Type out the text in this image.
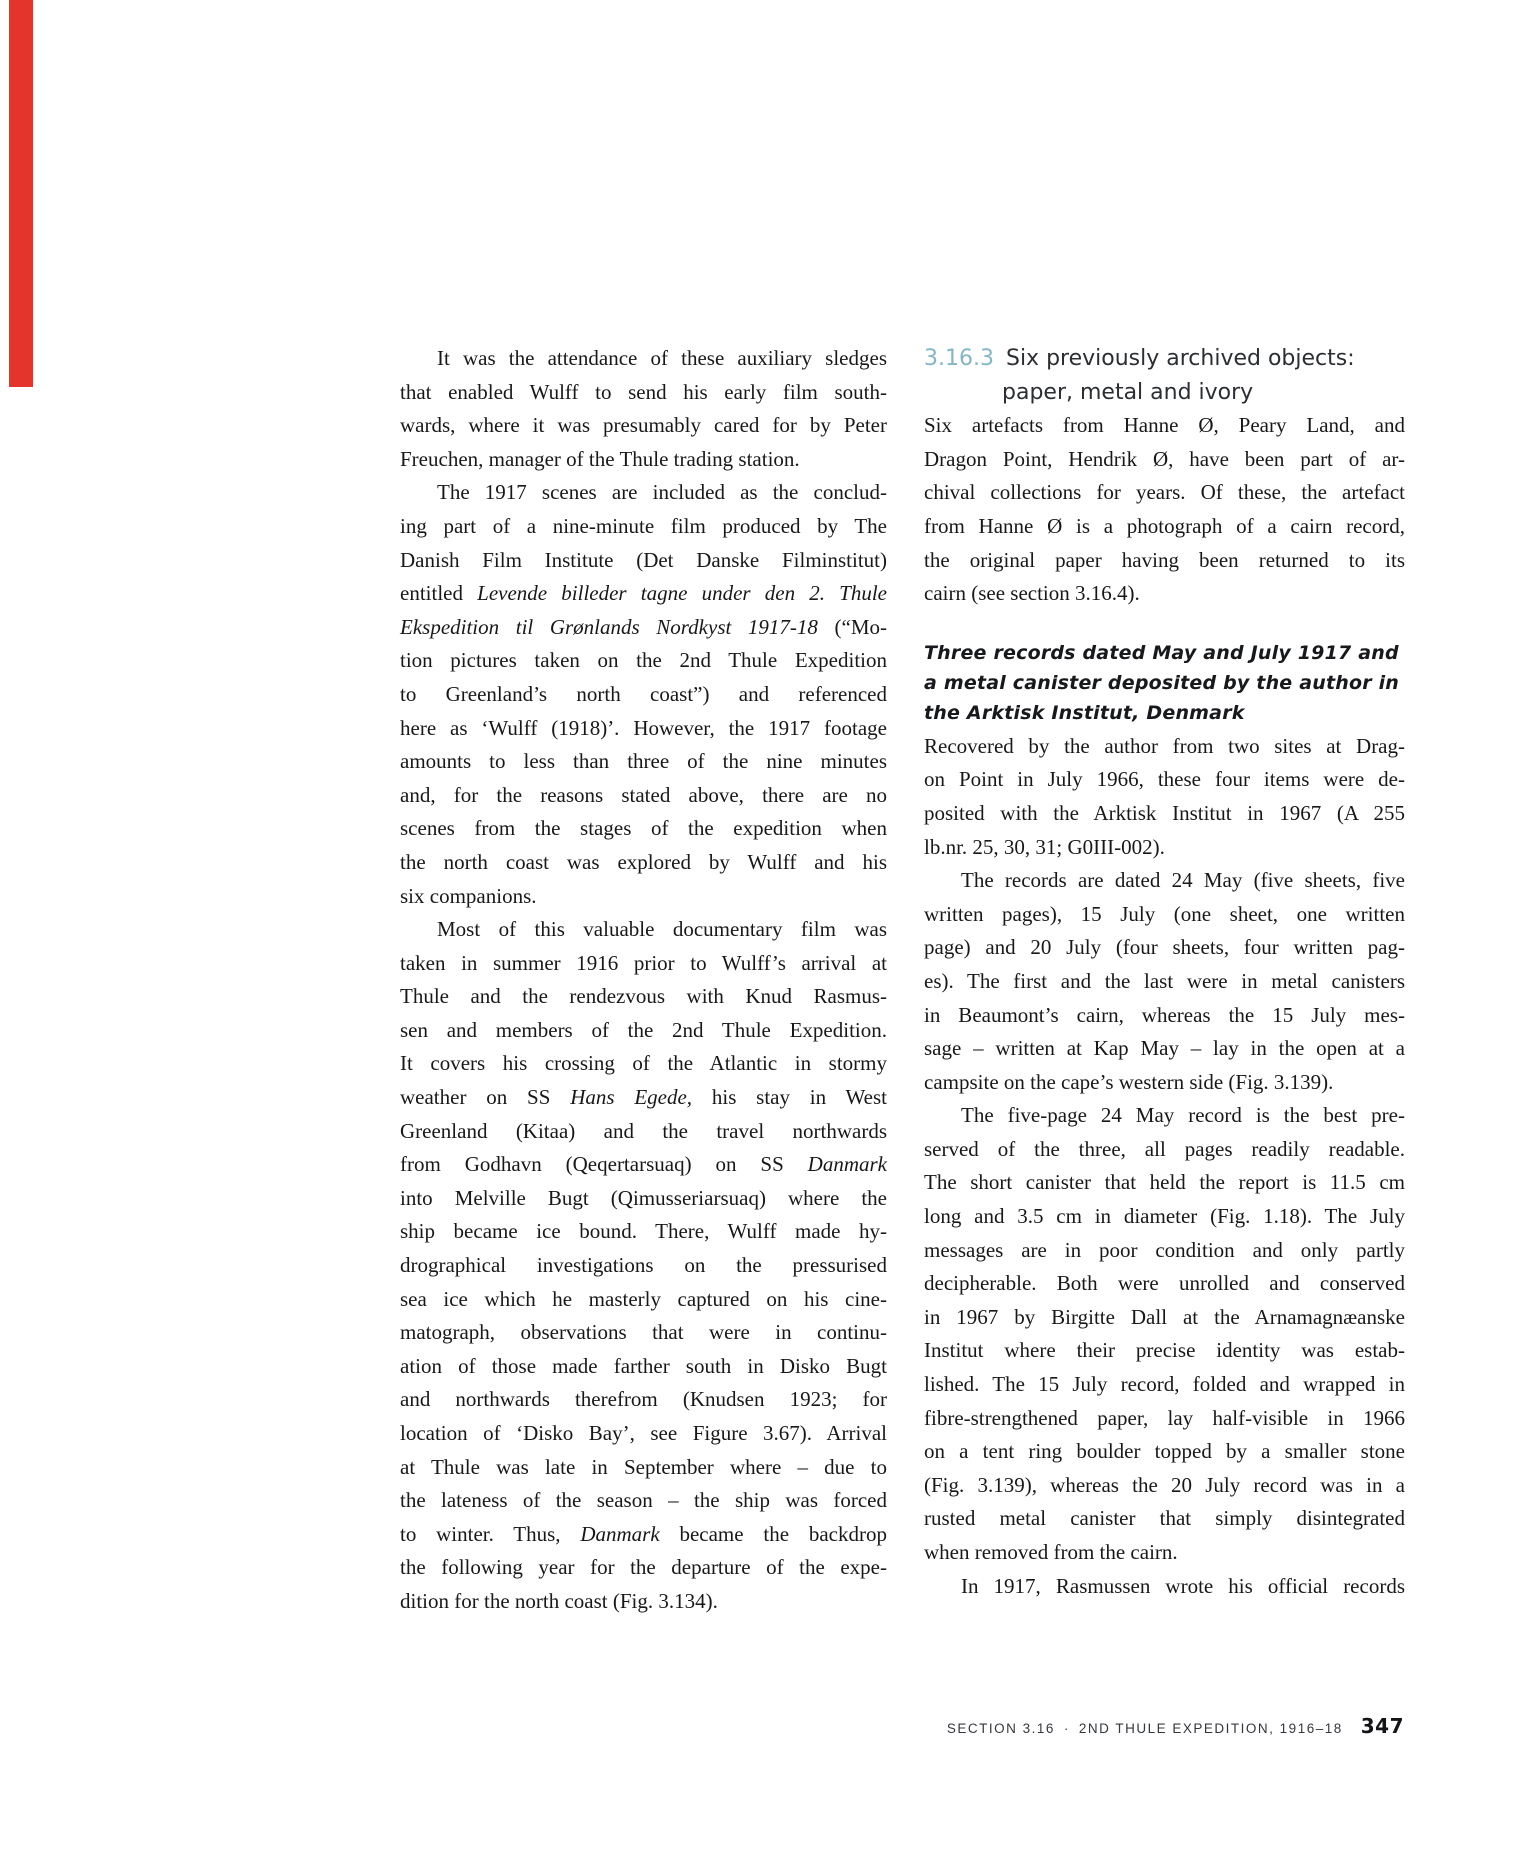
It was the attendance of these auxiliary sledges
that enabled Wulff to send his early film south-
wards, where it was presumably cared for by Peter
Freuchen, manager of the Thule trading station.
The 1917 scenes are included as the conclud-
ing part of a nine-minute film produced by The
Danish Film Institute (Det Danske Filminstitut)
entitled Levende billeder tagne under den 2. Thule
Ekspedition til Grønlands Nordkyst 1917-18 (“Mo-
tion pictures taken on the 2nd Thule Expedition
to Greenland’s north coast”) and referenced
here as ‘Wulff (1918)’. However, the 1917 footage
amounts to less than three of the nine minutes
and, for the reasons stated above, there are no
scenes from the stages of the expedition when
the north coast was explored by Wulff and his
six companions.
Most of this valuable documentary film was
taken in summer 1916 prior to Wulff’s arrival at
Thule and the rendezvous with Knud Rasmus-
sen and members of the 2nd Thule Expedition.
It covers his crossing of the Atlantic in stormy
weather on SS Hans Egede, his stay in West
Greenland (Kitaa) and the travel northwards
from Godhavn (Qeqertarsuaq) on SS Danmark
into Melville Bugt (Qimusseriarsuaq) where the
ship became ice bound. There, Wulff made hy-
drographical investigations on the pressurised
sea ice which he masterly captured on his cine-
matograph, observations that were in continu-
ation of those made farther south in Disko Bugt
and northwards therefrom (Knudsen 1923; for
location of ‘Disko Bay’, see Figure 3.67). Arrival
at Thule was late in September where – due to
the lateness of the season – the ship was forced
to winter. Thus, Danmark became the backdrop
the following year for the departure of the expe-
dition for the north coast (Fig. 3.134).
3.16.3 Six previously archived objects:
paper, metal and ivory
Six artefacts from Hanne Ø, Peary Land, and
Dragon Point, Hendrik Ø, have been part of ar-
chival collections for years. Of these, the artefact
from Hanne Ø is a photograph of a cairn record,
the original paper having been returned to its
cairn (see section 3.16.4).
Three records dated May and July 1917 and
a metal canister deposited by the author in
the Arktisk Institut, Denmark
Recovered by the author from two sites at Drag-
on Point in July 1966, these four items were de-
posited with the Arktisk Institut in 1967 (A 255
lb.nr. 25, 30, 31; G0III-002).
The records are dated 24 May (five sheets, five
written pages), 15 July (one sheet, one written
page) and 20 July (four sheets, four written pag-
es). The first and the last were in metal canisters
in Beaumont’s cairn, whereas the 15 July mes-
sage – written at Kap May – lay in the open at a
campsite on the cape’s western side (Fig. 3.139).
The five-page 24 May record is the best pre-
served of the three, all pages readily readable.
The short canister that held the report is 11.5 cm
long and 3.5 cm in diameter (Fig. 1.18). The July
messages are in poor condition and only partly
decipherable. Both were unrolled and conserved
in 1967 by Birgitte Dall at the Arnamagnæanske
Institut where their precise identity was estab-
lished. The 15 July record, folded and wrapped in
fibre-strengthened paper, lay half-visible in 1966
on a tent ring boulder topped by a smaller stone
(Fig. 3.139), whereas the 20 July record was in a
rusted metal canister that simply disintegrated
when removed from the cairn.
In 1917, Rasmussen wrote his official records
SECTION 3.16 · 2ND THULE EXPEDITION, 1916–18 347
